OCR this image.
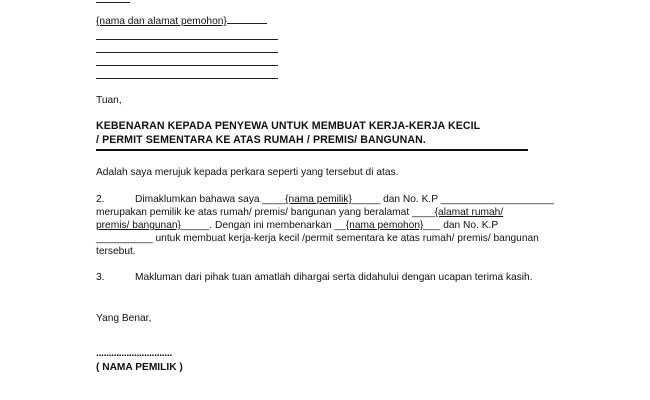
{nama dan alamat pemohon}
Tuan,
KEBENARAN KEPADA PENYEWA UNTUK MEMBUAT KERJA-KERJA KECIL
/ PERMIT SEMENTARA KE ATAS RUMAH / PREMIS/ BANGUNAN.
Adalah saya merujuk kepada perkara seperti yang tersebut di atas.
2.	Dimaklumkan bahawa saya ____{nama pemilik}_____ dan No. K.P ____________________
merupakan pemilik ke atas rumah/ premis/ bangunan yang beralamat ____{alamat rumah/
premis/ bangunan}_____. Dengan ini membenarkan __{nama pemohon}___ dan No. K.P
__________ untuk membuat kerja-kerja kecil /permit sementara ke atas rumah/ premis/ bangunan
tersebut.
3.	Makluman dari pihak tuan amatlah dihargai serta didahului dengan ucapan terima kasih.
Yang Benar,
..............................
( NAMA PEMILIK )
